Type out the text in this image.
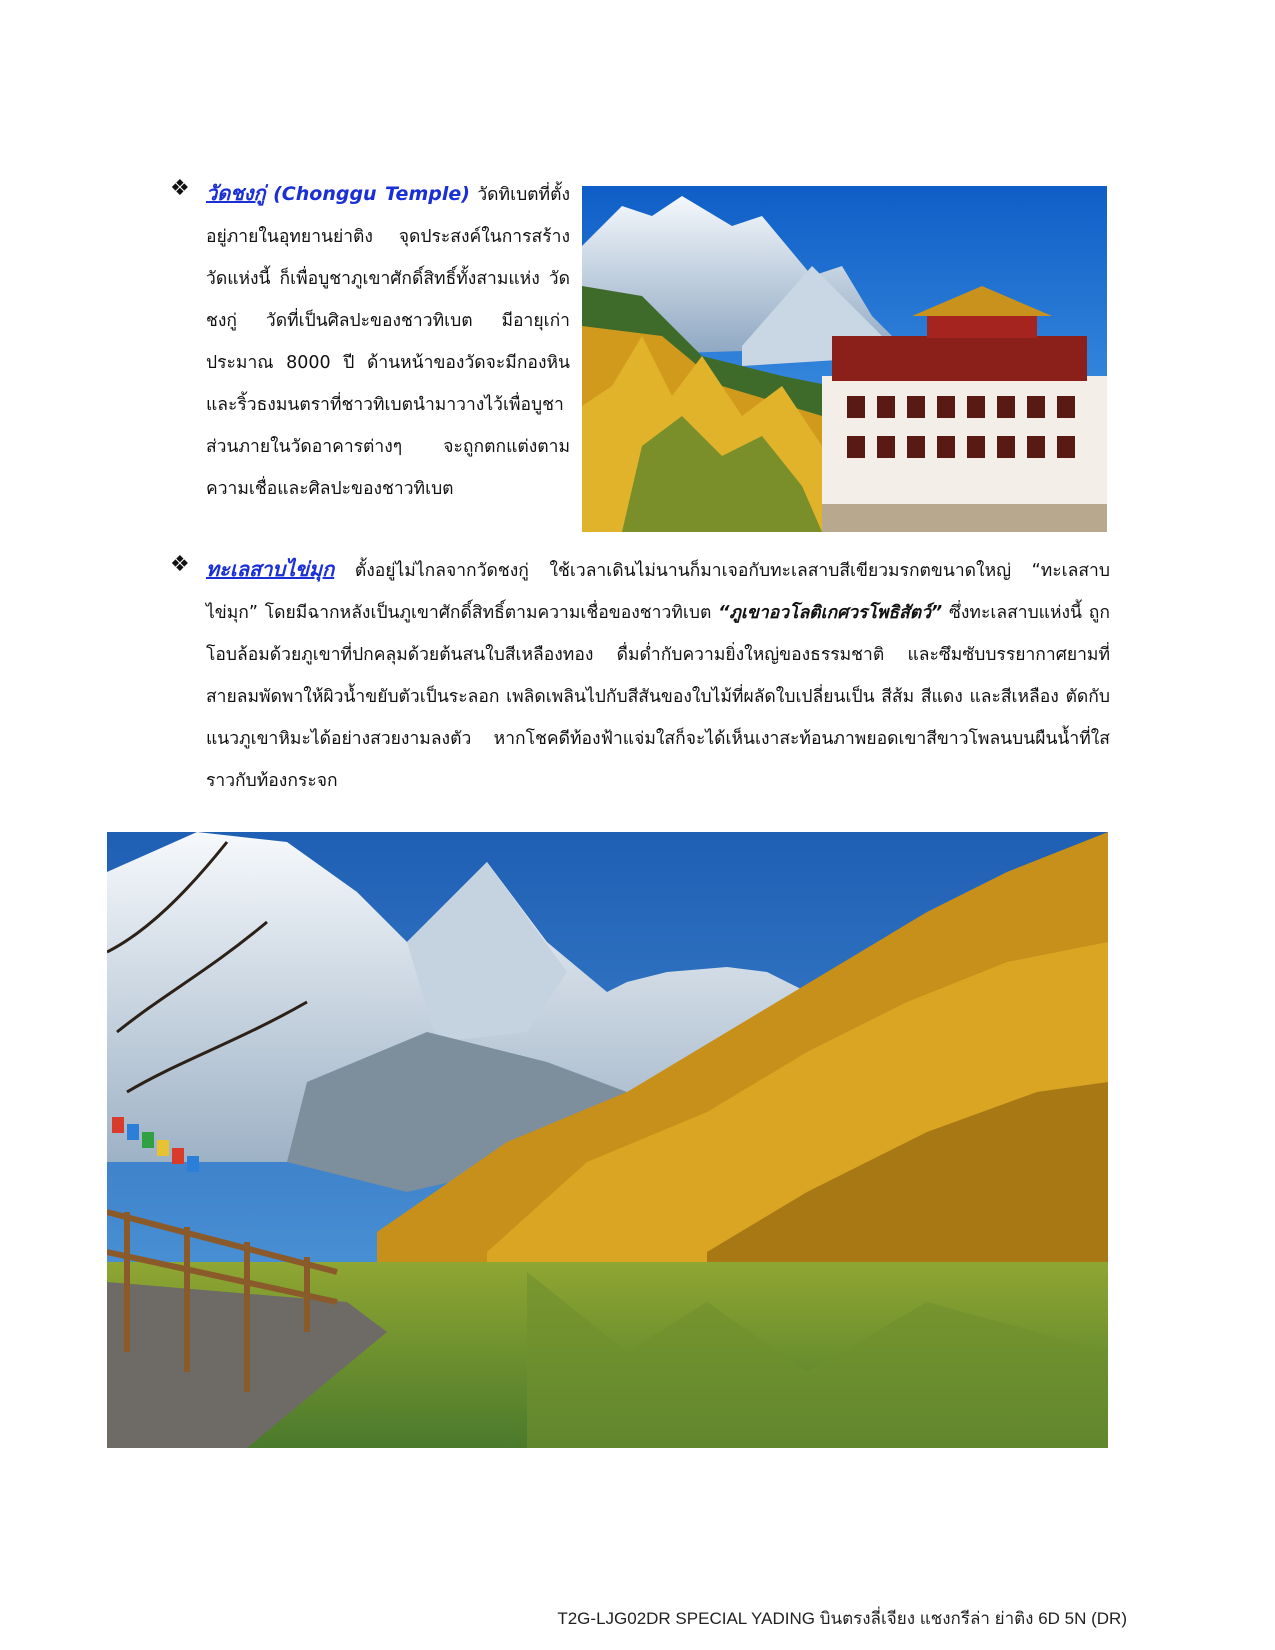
❖ วัดชงกู่ (Chonggu Temple) วัดทิเบตที่ตั้งอยู่ภายในอุทยานย่าติง จุดประสงค์ในการสร้างวัดแห่งนี้ ก็เพื่อบูชาภูเขาศักดิ์สิทธิ์ทั้งสามแห่ง วัดชงกู่ วัดที่เป็นศิลปะของชาวทิเบต มีอายุเก่าประมาณ 8000 ปี ด้านหน้าของวัดจะมีกองหินและริ้วธงมนตราที่ชาวทิเบตนำมาวางไว้เพื่อบูชา ส่วนภายในวัดอาคารต่างๆ จะถูกตกแต่งตามความเชื่อและศิลปะของชาวทิเบต
❖ ทะเลสาบไข่มุก ตั้งอยู่ไม่ไกลจากวัดชงกู่ ใช้เวลาเดินไม่นานก็มาเจอกับทะเลสาบสีเขียวมรกตขนาดใหญ่ “ทะเลสาบไข่มุก” โดยมีฉากหลังเป็นภูเขาศักดิ์สิทธิ์ตามความเชื่อของชาวทิเบต “ภูเขาอวโลติเกศวรโพธิสัตว์” ซึ่งทะเลสาบแห่งนี้ ถูกโอบล้อมด้วยภูเขาที่ปกคลุมด้วยต้นสนใบสีเหลืองทอง ดื่มด่ำกับความยิ่งใหญ่ของธรรมชาติ และซึมซับบรรยากาศยามที่สายลมพัดพาให้ผิวน้ำขยับตัวเป็นระลอก เพลิดเพลินไปกับสีสันของใบไม้ที่ผลัดใบเปลี่ยนเป็น สีส้ม สีแดง และสีเหลือง ตัดกับแนวภูเขาหิมะได้อย่างสวยงามลงตัว หากโชคดีท้องฟ้าแจ่มใสก็จะได้เห็นเงาสะท้อนภาพยอดเขาสีขาวโพลนบนผืนน้ำที่ใสราวกับท้องกระจก
T2G-LJG02DR SPECIAL YADING บินตรงลี่เจียง แชงกรีล่า ย่าติง 6D 5N (DR)
